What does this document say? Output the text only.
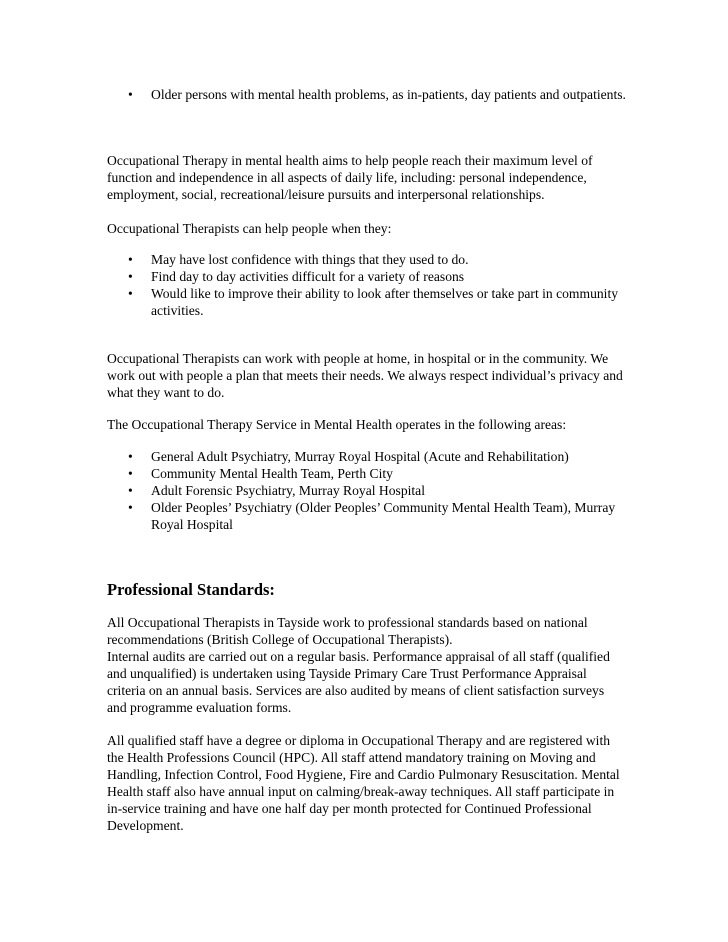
• Older persons with mental health problems, as in-patients, day patients and outpatients.

Occupational Therapy in mental health aims to help people reach their maximum level of function and independence in all aspects of daily life, including: personal independence, employment, social, recreational/leisure pursuits and interpersonal relationships.

Occupational Therapists can help people when they:

• May have lost confidence with things that they used to do.
• Find day to day activities difficult for a variety of reasons
• Would like to improve their ability to look after themselves or take part in community activities.

Occupational Therapists can work with people at home, in hospital or in the community. We work out with people a plan that meets their needs. We always respect individual’s privacy and what they want to do.

The Occupational Therapy Service in Mental Health operates in the following areas:

• General Adult Psychiatry, Murray Royal Hospital (Acute and Rehabilitation)
• Community Mental Health Team, Perth City
• Adult Forensic Psychiatry, Murray Royal Hospital
• Older Peoples’ Psychiatry (Older Peoples’ Community Mental Health Team), Murray Royal Hospital
Professional Standards:

All Occupational Therapists in Tayside work to professional standards based on national recommendations (British College of Occupational Therapists).

Internal audits are carried out on a regular basis. Performance appraisal of all staff (qualified and unqualified) is undertaken using Tayside Primary Care Trust Performance Appraisal criteria on an annual basis. Services are also audited by means of client satisfaction surveys and programme evaluation forms.

All qualified staff have a degree or diploma in Occupational Therapy and are registered with the Health Professions Council (HPC). All staff attend mandatory training on Moving and Handling, Infection Control, Food Hygiene, Fire and Cardio Pulmonary Resuscitation. Mental Health staff also have annual input on calming/break-away techniques. All staff participate in in-service training and have one half day per month protected for Continued Professional Development.
